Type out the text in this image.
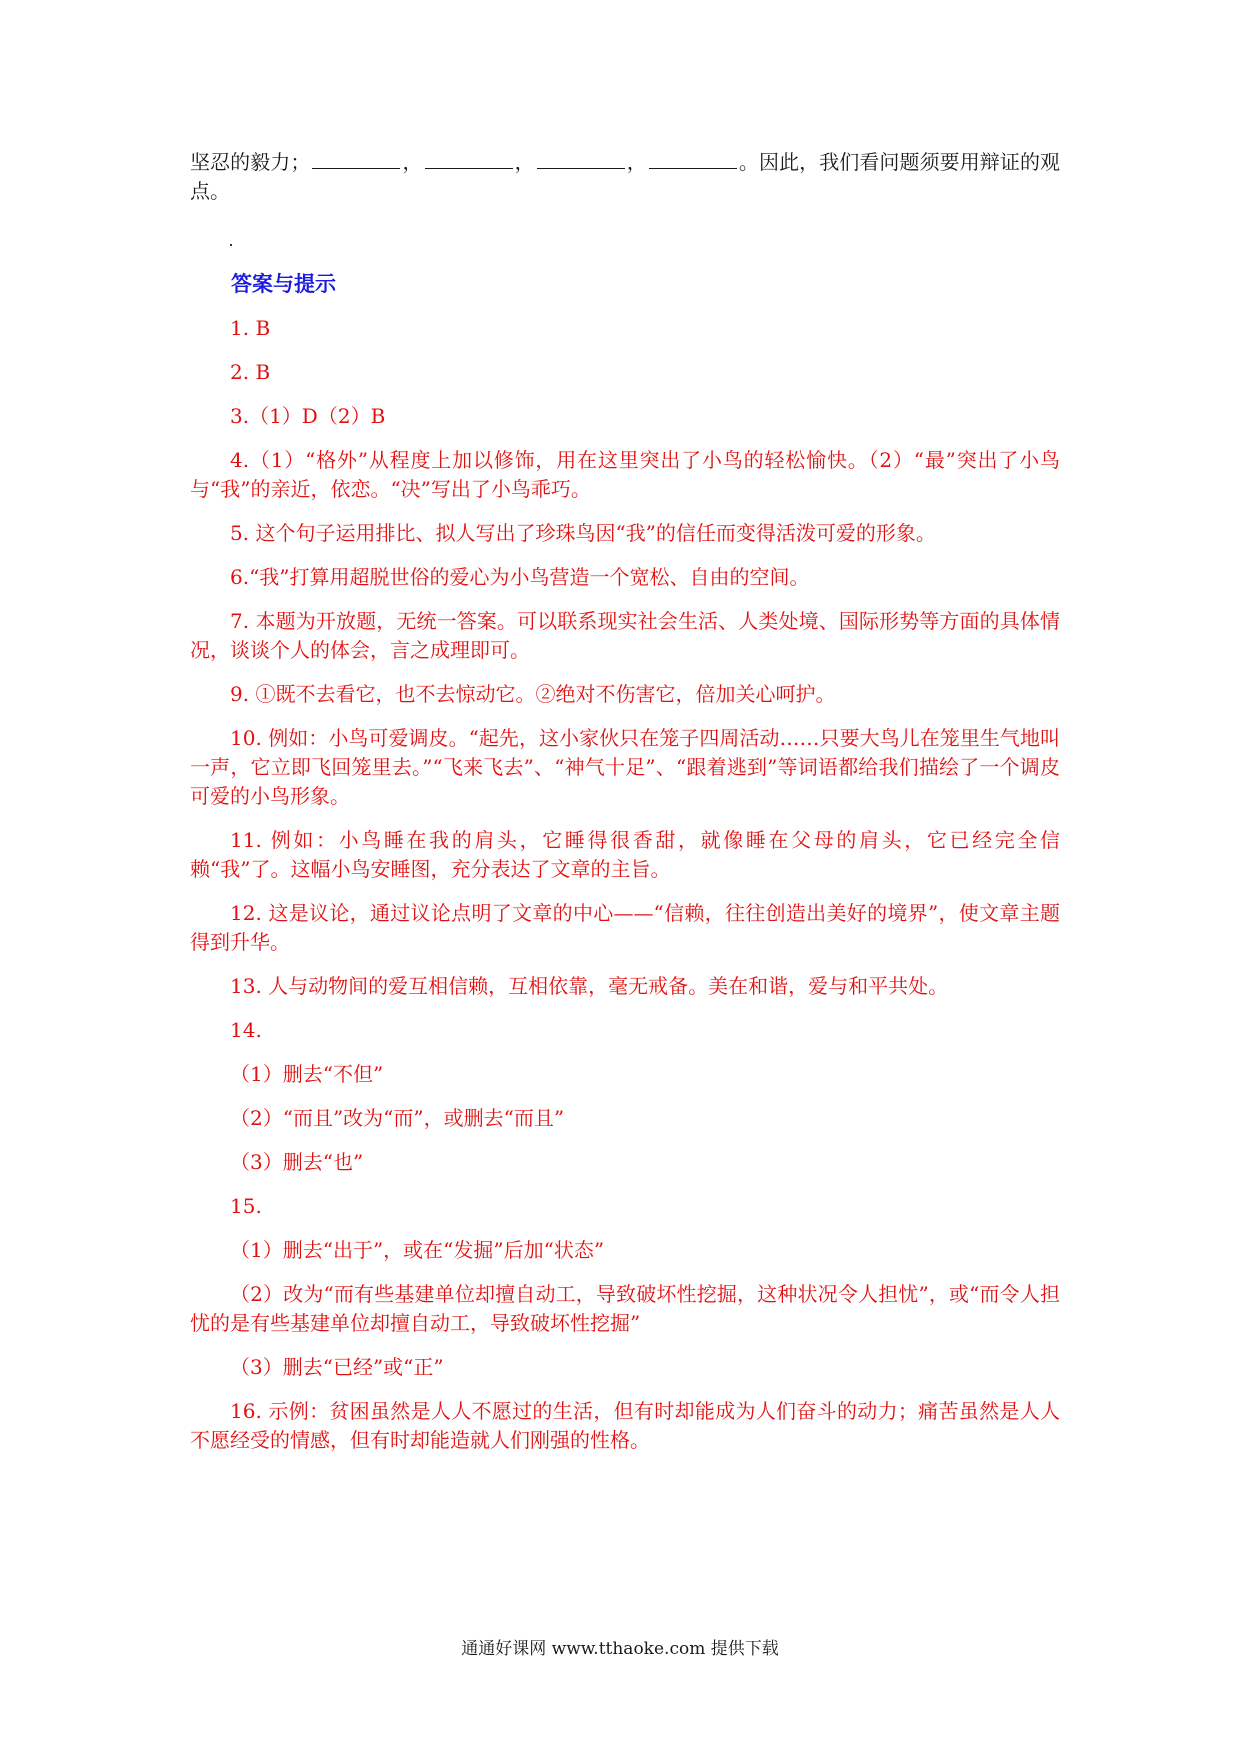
坚忍的毅力；	，	，	，	。因此，我们看问题须要用辩证的观点。

答案与提示

1. B

2. B

3.（1）D（2）B

4.（1）“格外”从程度上加以修饰，用在这里突出了小鸟的轻松愉快。（2）“最”突出了小鸟与“我”的亲近，依恋。“决”写出了小鸟乖巧。

5. 这个句子运用排比、拟人写出了珍珠鸟因“我”的信任而变得活泼可爱的形象。

6.“我”打算用超脱世俗的爱心为小鸟营造一个宽松、自由的空间。

7. 本题为开放题，无统一答案。可以联系现实社会生活、人类处境、国际形势等方面的具体情况，谈谈个人的体会，言之成理即可。

9. ①既不去看它，也不去惊动它。②绝对不伤害它，倍加关心呵护。

10. 例如：小鸟可爱调皮。“起先，这小家伙只在笼子四周活动……只要大鸟儿在笼里生气地叫一声，它立即飞回笼里去。”“飞来飞去”、“神气十足”、“跟着逃到”等词语都给我们描绘了一个调皮可爱的小鸟形象。

11. 例如：小鸟睡在我的肩头，它睡得很香甜，就像睡在父母的肩头，它已经完全信赖“我”了。这幅小鸟安睡图，充分表达了文章的主旨。

12. 这是议论，通过议论点明了文章的中心——“信赖，往往创造出美好的境界”，使文章主题得到升华。

13. 人与动物间的爱互相信赖，互相依靠，毫无戒备。美在和谐，爱与和平共处。

14.

（1）删去“不但”

（2）“而且”改为“而”，或删去“而且”

（3）删去“也”

15.

（1）删去“出于”，或在“发掘”后加“状态”

（2）改为“而有些基建单位却擅自动工，导致破坏性挖掘，这种状况令人担忧”，或“而令人担忧的是有些基建单位却擅自动工，导致破坏性挖掘”

（3）删去“已经”或“正”

16. 示例：贫困虽然是人人不愿过的生活，但有时却能成为人们奋斗的动力；痛苦虽然是人人不愿经受的情感，但有时却能造就人们刚强的性格。

通通好课网 www.tthaoke.com 提供下载
